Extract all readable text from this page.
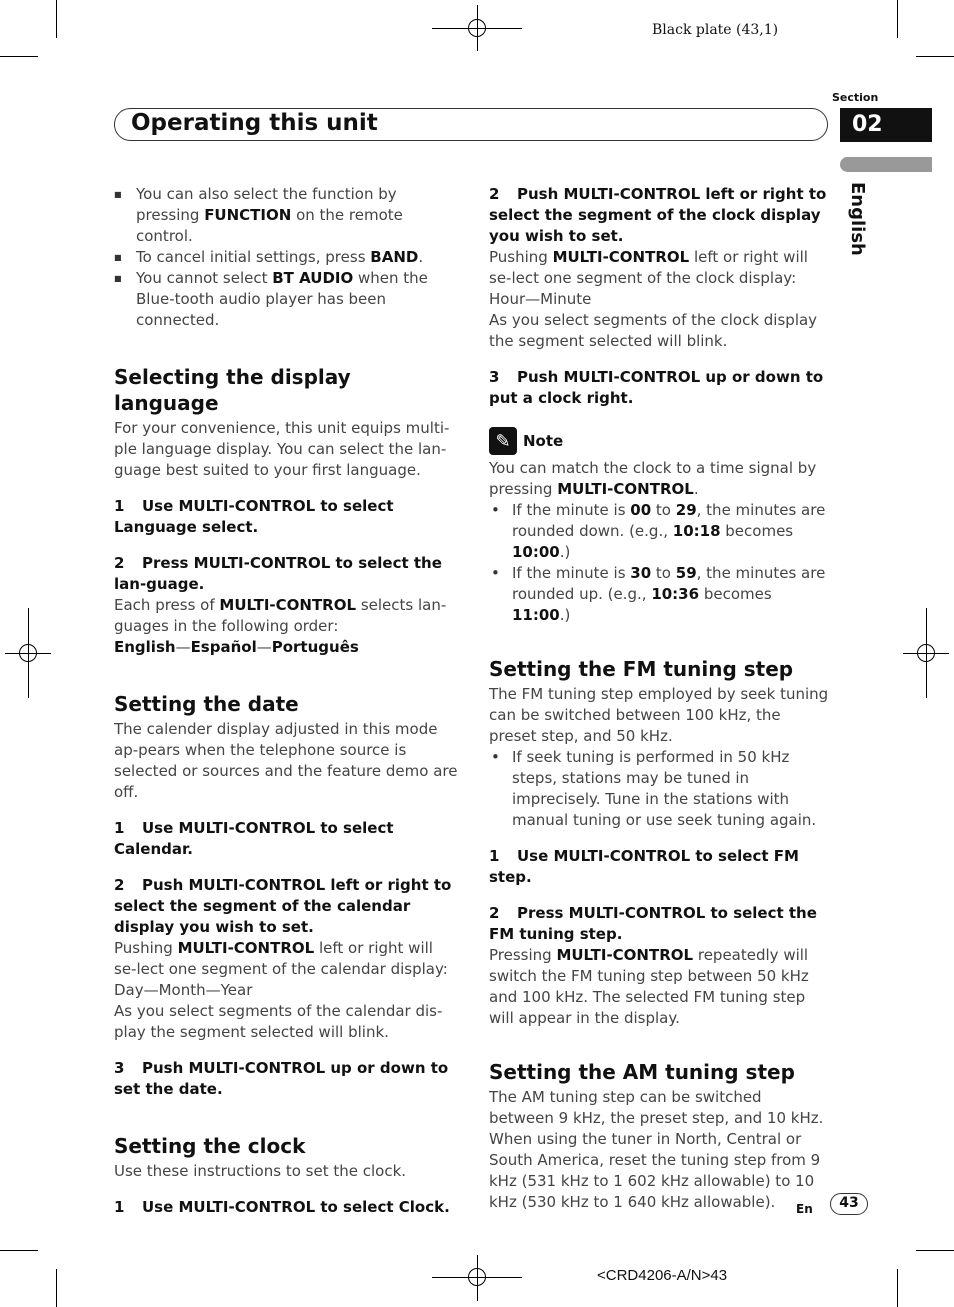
Black plate (43,1)
Section
02
English
Operating this unit

■ You can also select the function by pressing FUNCTION on the remote control.

■ To cancel initial settings, press BAND.

■ You cannot select BT AUDIO when the Blue-tooth audio player has been connected.

Selecting the display language

For your convenience, this unit equips multi-ple language display. You can select the lan-guage best suited to your first language.

1 Use MULTI-CONTROL to select Language select.

2 Press MULTI-CONTROL to select the lan-guage.

Each press of MULTI-CONTROL selects lan-guages in the following order:

English—Español—Português

Setting the date

The calender display adjusted in this mode ap-pears when the telephone source is selected or sources and the feature demo are off.

1 Use MULTI-CONTROL to select Calendar.

2 Push MULTI-CONTROL left or right to select the segment of the calendar display you wish to set.

Pushing MULTI-CONTROL left or right will se-lect one segment of the calendar display:

Day—Month—Year

As you select segments of the calendar dis-play the segment selected will blink.

3 Push MULTI-CONTROL up or down to set the date.

Setting the clock

Use these instructions to set the clock.

1 Use MULTI-CONTROL to select Clock.

2 Push MULTI-CONTROL left or right to select the segment of the clock display you wish to set.

Pushing MULTI-CONTROL left or right will se-lect one segment of the clock display:

Hour—Minute

As you select segments of the clock display the segment selected will blink.

3 Push MULTI-CONTROL up or down to put a clock right.

✎ Note

You can match the clock to a time signal by pressing MULTI-CONTROL.

• If the minute is 00 to 29, the minutes are rounded down. (e.g., 10:18 becomes 10:00.)

• If the minute is 30 to 59, the minutes are rounded up. (e.g., 10:36 becomes 11:00.)

Setting the FM tuning step

The FM tuning step employed by seek tuning can be switched between 100 kHz, the preset step, and 50 kHz.

• If seek tuning is performed in 50 kHz steps, stations may be tuned in imprecisely. Tune in the stations with manual tuning or use seek tuning again.

1 Use MULTI-CONTROL to select FM step.

2 Press MULTI-CONTROL to select the FM tuning step.

Pressing MULTI-CONTROL repeatedly will switch the FM tuning step between 50 kHz and 100 kHz. The selected FM tuning step will appear in the display.

Setting the AM tuning step

The AM tuning step can be switched between 9 kHz, the preset step, and 10 kHz. When using the tuner in North, Central or South America, reset the tuning step from 9 kHz (531 kHz to 1 602 kHz allowable) to 10 kHz (530 kHz to 1 640 kHz allowable).	En	43
<CRD4206-A/N>43
